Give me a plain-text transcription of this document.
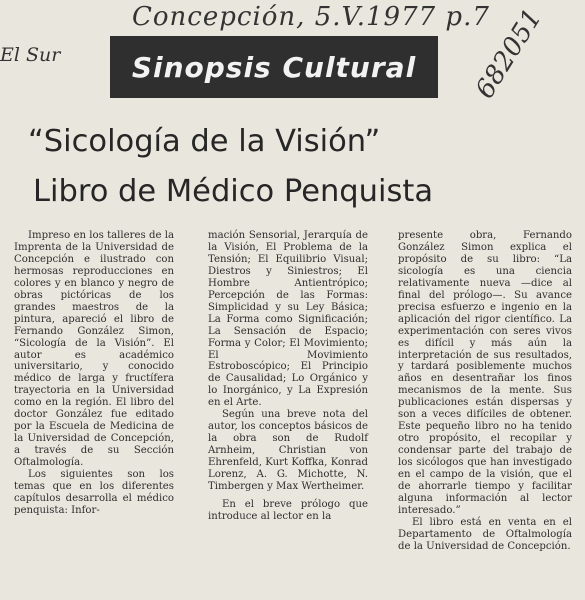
Concepción, 5.V.1977 p.7
El Sur	682051
Sinopsis Cultural
“Sicología de la Visión”
Libro de Médico Penquista

Impreso en los talleres de la Imprenta de la Universidad de Concepción e ilustrado con hermosas reproducciones en colores y en blanco y negro de obras pictóricas de los grandes maestros de la pintura, apareció el libro de Fernando González Simon, “Sicología de la Visión”. El autor es académico universitario, y conocido médico de larga y fructífera trayectoria en la Universidad como en la región. El libro del doctor González fue editado por la Escuela de Medicina de la Universidad de Concepción, a través de su Sección Oftalmología.

Los siguientes son los temas que en los diferentes capítulos desarrolla el médico penquista: Infor-

mación Sensorial, Jerarquía de la Visión, El Problema de la Tensión; El Equilibrio Visual; Diestros y Siniestros; El Hombre Antientrópico; Percepción de las Formas: Simplicidad y su Ley Básica; La Forma como Significación; La Sensación de Espacio; Forma y Color; El Movimiento; El Movimiento Estroboscópico; El Principio de Causalidad; Lo Orgánico y lo Inorgánico, y La Expresión en el Arte.

Según una breve nota del autor, los conceptos básicos de la obra son de Rudolf Arnheim, Christian von Ehrenfeld, Kurt Koffka, Konrad Lorenz, A. G. Michotte, N. Timbergen y Max Wertheimer.

En el breve prólogo que introduce al lector en la

presente obra, Fernando González Simon explica el propósito de su libro: “La sicología es una ciencia relativamente nueva —dice al final del prólogo—. Su avance precisa esfuerzo e ingenio en la aplicación del rigor científico. La experimentación con seres vivos es difícil y más aún la interpretación de sus resultados, y tardará posiblemente muchos años en desentrañar los finos mecanismos de la mente. Sus publicaciones están dispersas y son a veces difíciles de obtener. Este pequeño libro no ha tenido otro propósito, el recopilar y condensar parte del trabajo de los sicólogos que han investigado en el campo de la visión, que el de ahorrarle tiempo y facilitar alguna información al lector interesado.”

El libro está en venta en el Departamento de Oftalmología de la Universidad de Concepción.
